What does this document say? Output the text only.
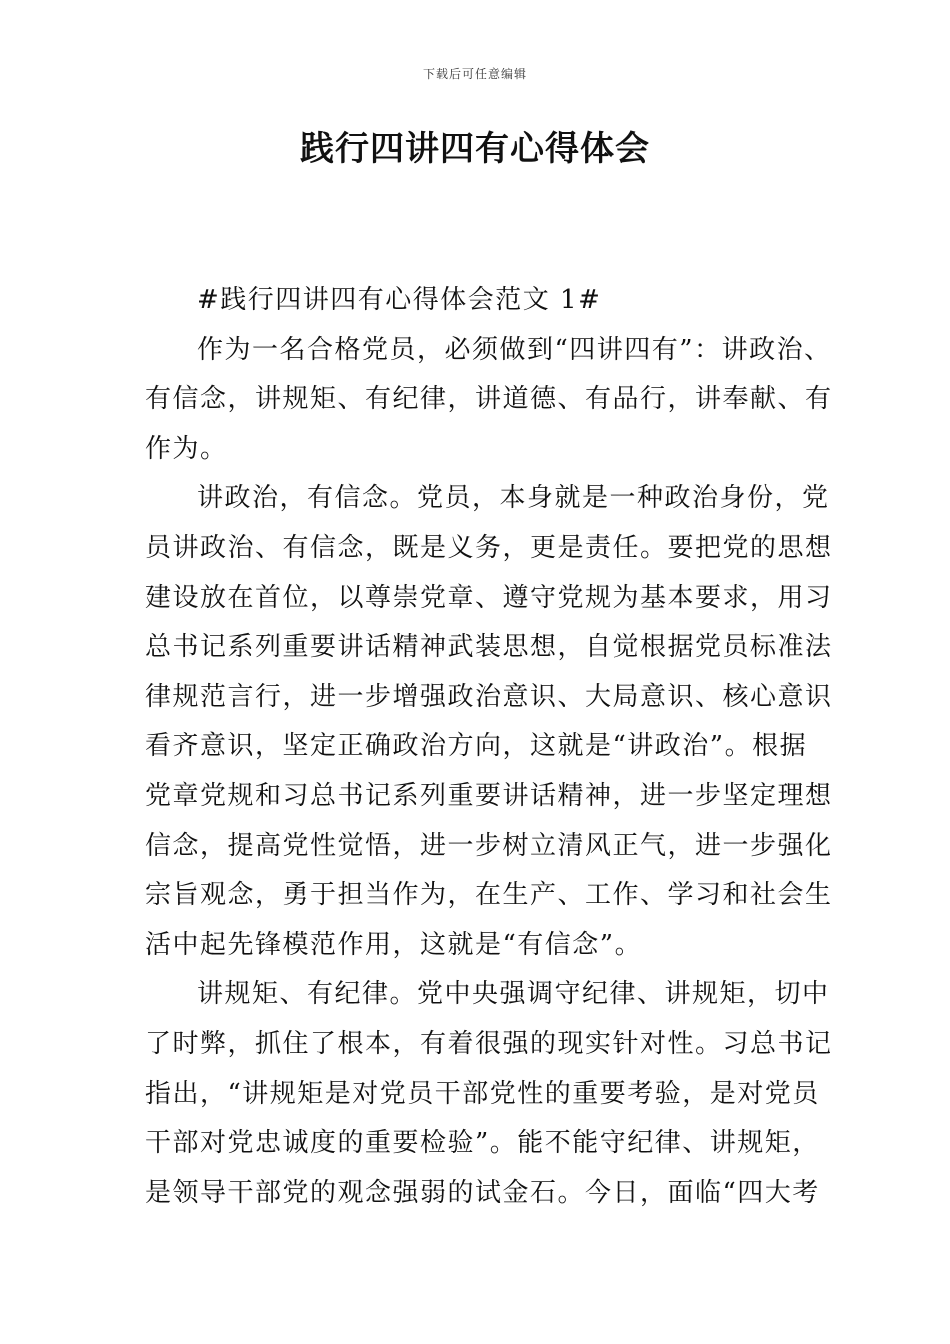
下载后可任意编辑
践行四讲四有心得体会
#践行四讲四有心得体会范文 1#
作为一名合格党员，必须做到“四讲四有”：讲政治、
有信念，讲规矩、有纪律，讲道德、有品行，讲奉献、有
作为。
讲政治，有信念。党员，本身就是一种政治身份，党
员讲政治、有信念，既是义务，更是责任。要把党的思想
建设放在首位，以尊崇党章、遵守党规为基本要求，用习
总书记系列重要讲话精神武装思想，自觉根据党员标准法
律规范言行，进一步增强政治意识、大局意识、核心意识
看齐意识，坚定正确政治方向，这就是“讲政治”。根据
党章党规和习总书记系列重要讲话精神，进一步坚定理想
信念，提高党性觉悟，进一步树立清风正气，进一步强化
宗旨观念，勇于担当作为，在生产、工作、学习和社会生
活中起先锋模范作用，这就是“有信念”。
讲规矩、有纪律。党中央强调守纪律、讲规矩，切中
了时弊，抓住了根本，有着很强的现实针对性。习总书记
指出，“讲规矩是对党员干部党性的重要考验，是对党员
干部对党忠诚度的重要检验”。能不能守纪律、讲规矩，
是领导干部党的观念强弱的试金石。今日，面临“四大考
